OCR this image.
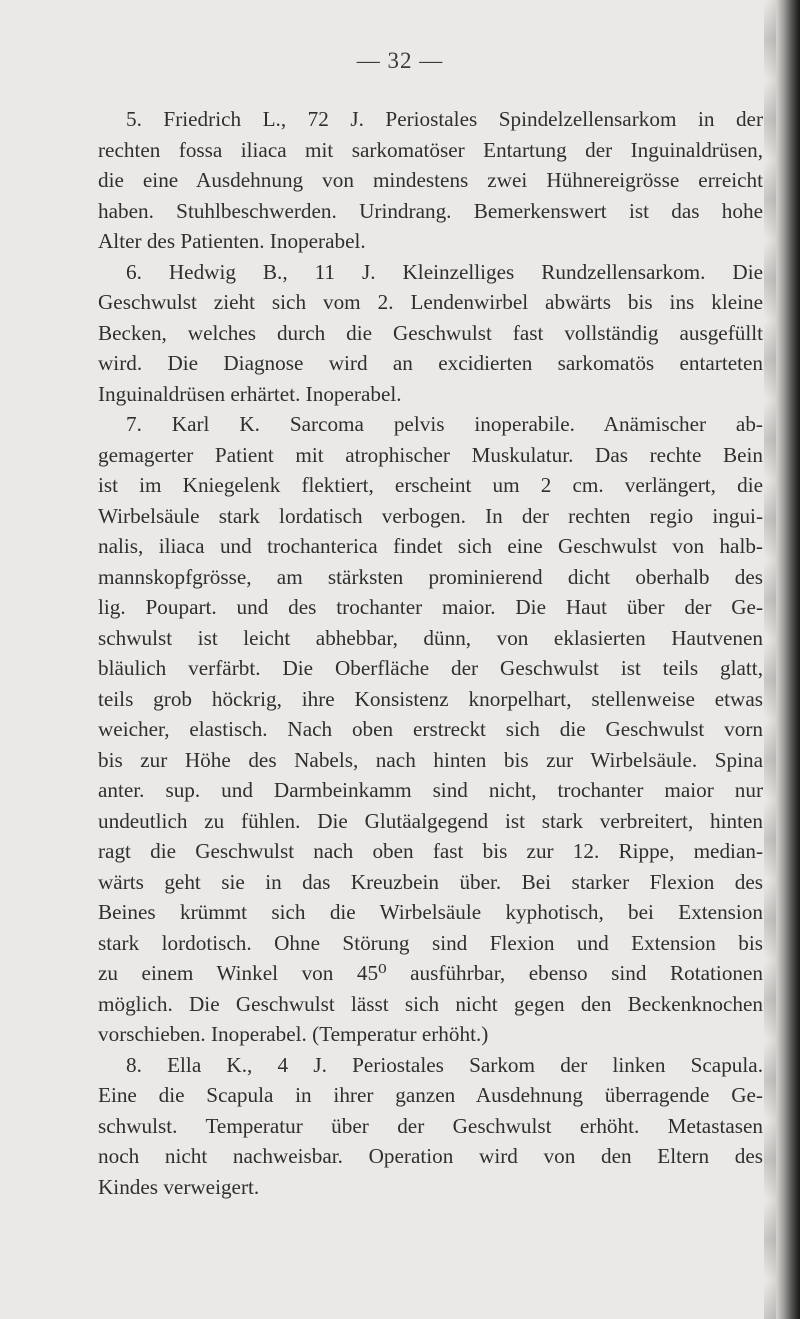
— 32 —
5. Friedrich L., 72 J. Periostales Spindelzellensarkom in der
rechten fossa iliaca mit sarkomatöser Entartung der Inguinaldrüsen,
die eine Ausdehnung von mindestens zwei Hühnereigrösse erreicht
haben. Stuhlbeschwerden. Urindrang. Bemerkenswert ist das hohe
Alter des Patienten. Inoperabel.
6. Hedwig B., 11 J. Kleinzelliges Rundzellensarkom. Die
Geschwulst zieht sich vom 2. Lendenwirbel abwärts bis ins kleine
Becken, welches durch die Geschwulst fast vollständig ausgefüllt
wird. Die Diagnose wird an excidierten sarkomatös entarteten
Inguinaldrüsen erhärtet. Inoperabel.
7. Karl K. Sarcoma pelvis inoperabile. Anämischer ab-
gemagerter Patient mit atrophischer Muskulatur. Das rechte Bein
ist im Kniegelenk flektiert, erscheint um 2 cm. verlängert, die
Wirbelsäule stark lordatisch verbogen. In der rechten regio ingui-
nalis, iliaca und trochanterica findet sich eine Geschwulst von halb-
mannskopfgrösse, am stärksten prominierend dicht oberhalb des
lig. Poupart. und des trochanter maior. Die Haut über der Ge-
schwulst ist leicht abhebbar, dünn, von eklasierten Hautvenen
bläulich verfärbt. Die Oberfläche der Geschwulst ist teils glatt,
teils grob höckrig, ihre Konsistenz knorpelhart, stellenweise etwas
weicher, elastisch. Nach oben erstreckt sich die Geschwulst vorn
bis zur Höhe des Nabels, nach hinten bis zur Wirbelsäule. Spina
anter. sup. und Darmbeinkamm sind nicht, trochanter maior nur
undeutlich zu fühlen. Die Glutäalgegend ist stark verbreitert, hinten
ragt die Geschwulst nach oben fast bis zur 12. Rippe, median-
wärts geht sie in das Kreuzbein über. Bei starker Flexion des
Beines krümmt sich die Wirbelsäule kyphotisch, bei Extension
stark lordotisch. Ohne Störung sind Flexion und Extension bis
zu einem Winkel von 45⁰ ausführbar, ebenso sind Rotationen
möglich. Die Geschwulst lässt sich nicht gegen den Beckenknochen
vorschieben. Inoperabel. (Temperatur erhöht.)
8. Ella K., 4 J. Periostales Sarkom der linken Scapula.
Eine die Scapula in ihrer ganzen Ausdehnung überragende Ge-
schwulst. Temperatur über der Geschwulst erhöht. Metastasen
noch nicht nachweisbar. Operation wird von den Eltern des
Kindes verweigert.
